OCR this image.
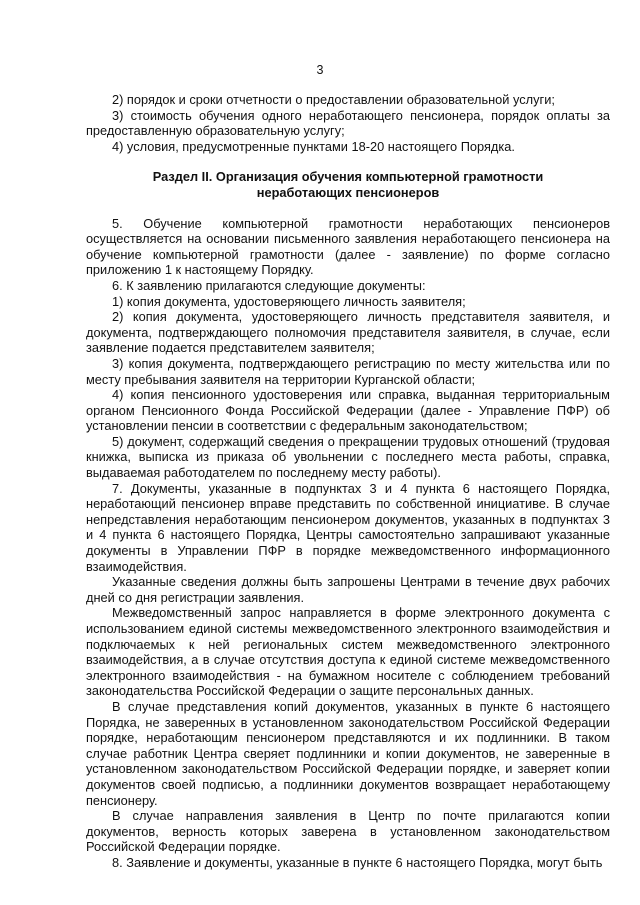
3

2) порядок и сроки отчетности о предоставлении образовательной услуги;

3) стоимость обучения одного неработающего пенсионера, порядок оплаты за предоставленную образовательную услугу;

4) условия, предусмотренные пунктами 18-20 настоящего Порядка.

Раздел II. Организация обучения компьютерной грамотности
неработающих пенсионеров

5. Обучение компьютерной грамотности неработающих пенсионеров осуществляется на основании письменного заявления неработающего пенсионера на обучение компьютерной грамотности (далее - заявление) по форме согласно приложению 1 к настоящему Порядку.

6. К заявлению прилагаются следующие документы:

1) копия документа, удостоверяющего личность заявителя;

2) копия документа, удостоверяющего личность представителя заявителя, и документа, подтверждающего полномочия представителя заявителя, в случае, если заявление подается представителем заявителя;

3) копия документа, подтверждающего регистрацию по месту жительства или по месту пребывания заявителя на территории Курганской области;

4) копия пенсионного удостоверения или справка, выданная территориальным органом Пенсионного Фонда Российской Федерации (далее - Управление ПФР) об установлении пенсии в соответствии с федеральным законодательством;

5) документ, содержащий сведения о прекращении трудовых отношений (трудовая книжка, выписка из приказа об увольнении с последнего места работы, справка, выдаваемая работодателем по последнему месту работы).

7. Документы, указанные в подпунктах 3 и 4 пункта 6 настоящего Порядка, неработающий пенсионер вправе представить по собственной инициативе. В случае непредставления неработающим пенсионером документов, указанных в подпунктах 3 и 4 пункта 6 настоящего Порядка, Центры самостоятельно запрашивают указанные документы в Управлении ПФР в порядке межведомственного информационного взаимодействия.

Указанные сведения должны быть запрошены Центрами в течение двух рабочих дней со дня регистрации заявления.

Межведомственный запрос направляется в форме электронного документа с использованием единой системы межведомственного электронного взаимодействия и подключаемых к ней региональных систем межведомственного электронного взаимодействия, а в случае отсутствия доступа к единой системе межведомственного электронного взаимодействия - на бумажном носителе с соблюдением требований законодательства Российской Федерации о защите персональных данных.

В случае представления копий документов, указанных в пункте 6 настоящего Порядка, не заверенных в установленном законодательством Российской Федерации порядке, неработающим пенсионером представляются и их подлинники. В таком случае работник Центра сверяет подлинники и копии документов, не заверенные в установленном законодательством Российской Федерации порядке, и заверяет копии документов своей подписью, а подлинники документов возвращает неработающему пенсионеру.

В случае направления заявления в Центр по почте прилагаются копии документов, верность которых заверена в установленном законодательством Российской Федерации порядке.

8. Заявление и документы, указанные в пункте 6 настоящего Порядка, могут быть
